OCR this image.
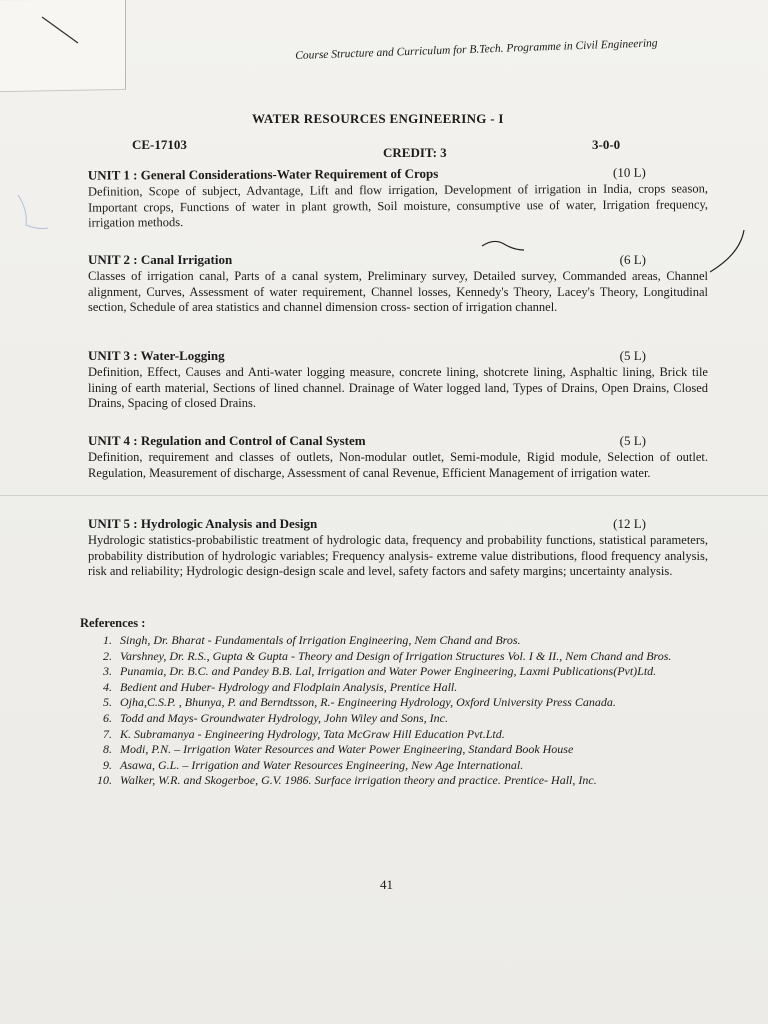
Course Structure and Curriculum for B.Tech. Programme in Civil Engineering
WATER RESOURCES ENGINEERING - I
CE-17103
CREDIT: 3
3-0-0
UNIT 1 : General Considerations-Water Requirement of Crops	(10 L)
Definition, Scope of subject, Advantage, Lift and flow irrigation, Development of irrigation in India, crops season, Important crops, Functions of water in plant growth, Soil moisture, consumptive use of water, Irrigation frequency, irrigation methods.
UNIT 2 : Canal Irrigation	(6 L)
Classes of irrigation canal, Parts of a canal system, Preliminary survey, Detailed survey, Commanded areas, Channel alignment, Curves, Assessment of water requirement, Channel losses, Kennedy's Theory, Lacey's Theory, Longitudinal section, Schedule of area statistics and channel dimension cross- section of irrigation channel.
UNIT 3 : Water-Logging	(5 L)
Definition, Effect, Causes and Anti-water logging measure, concrete lining, shotcrete lining, Asphaltic lining, Brick tile lining of earth material, Sections of lined channel. Drainage of Water logged land, Types of Drains, Open Drains, Closed Drains, Spacing of closed Drains.
UNIT 4 : Regulation and Control of Canal System	(5 L)
Definition, requirement and classes of outlets, Non-modular outlet, Semi-module, Rigid module, Selection of outlet. Regulation, Measurement of discharge, Assessment of canal Revenue, Efficient Management of irrigation water.
UNIT 5 : Hydrologic Analysis and Design	(12 L)
Hydrologic statistics-probabilistic treatment of hydrologic data, frequency and probability functions, statistical parameters, probability distribution of hydrologic variables; Frequency analysis- extreme value distributions, flood frequency analysis, risk and reliability; Hydrologic design-design scale and level, safety factors and safety margins; uncertainty analysis.
References :
1. Singh, Dr. Bharat - Fundamentals of Irrigation Engineering, Nem Chand and Bros.
2. Varshney, Dr. R.S., Gupta & Gupta - Theory and Design of Irrigation Structures Vol. I & II., Nem Chand and Bros.
3. Punamia, Dr. B.C. and Pandey B.B. Lal, Irrigation and Water Power Engineering, Laxmi Publications(Pvt)Ltd.
4. Bedient and Huber- Hydrology and Flodplain Analysis, Prentice Hall.
5. Ojha,C.S.P. , Bhunya, P. and Berndtsson, R.- Engineering Hydrology, Oxford University Press Canada.
6. Todd and Mays- Groundwater Hydrology, John Wiley and Sons, Inc.
7. K. Subramanya - Engineering Hydrology, Tata McGraw Hill Education Pvt.Ltd.
8. Modi, P.N. – Irrigation Water Resources and Water Power Engineering, Standard Book House
9. Asawa, G.L. – Irrigation and Water Resources Engineering, New Age International.
10. Walker, W.R. and Skogerboe, G.V. 1986. Surface irrigation theory and practice. Prentice- Hall, Inc.
41
